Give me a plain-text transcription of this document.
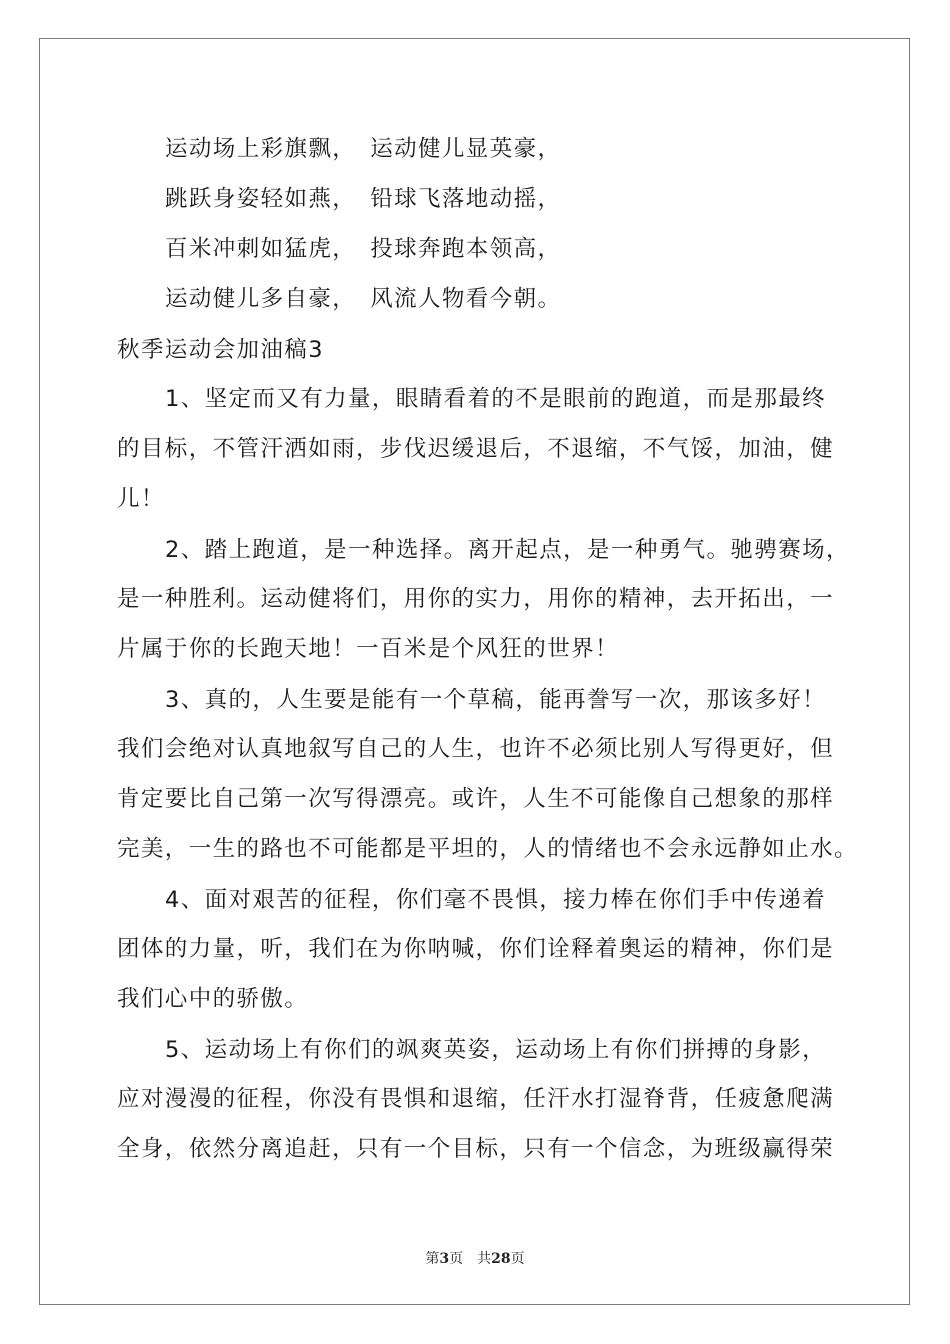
运动场上彩旗飘， 运动健儿显英豪，
跳跃身姿轻如燕， 铅球飞落地动摇，
百米冲刺如猛虎， 投球奔跑本领高，
运动健儿多自豪， 风流人物看今朝。
秋季运动会加油稿3
1、坚定而又有力量，眼睛看着的不是眼前的跑道，而是那最终
的目标，不管汗洒如雨，步伐迟缓退后，不退缩，不气馁，加油，健
儿！
2、踏上跑道，是一种选择。离开起点，是一种勇气。驰骋赛场，
是一种胜利。运动健将们，用你的实力，用你的精神，去开拓出，一
片属于你的长跑天地！一百米是个风狂的世界！
3、真的，人生要是能有一个草稿，能再誊写一次，那该多好！
我们会绝对认真地叙写自己的人生，也许不必须比别人写得更好，但
肯定要比自己第一次写得漂亮。或许，人生不可能像自己想象的那样
完美，一生的路也不可能都是平坦的，人的情绪也不会永远静如止水。
4、面对艰苦的征程，你们毫不畏惧，接力棒在你们手中传递着
团体的力量，听，我们在为你呐喊，你们诠释着奥运的精神，你们是
我们心中的骄傲。
5、运动场上有你们的飒爽英姿，运动场上有你们拼搏的身影，
应对漫漫的征程，你没有畏惧和退缩，任汗水打湿脊背，任疲惫爬满
全身，依然分离追赶，只有一个目标，只有一个信念，为班级赢得荣
第3页 共28页
